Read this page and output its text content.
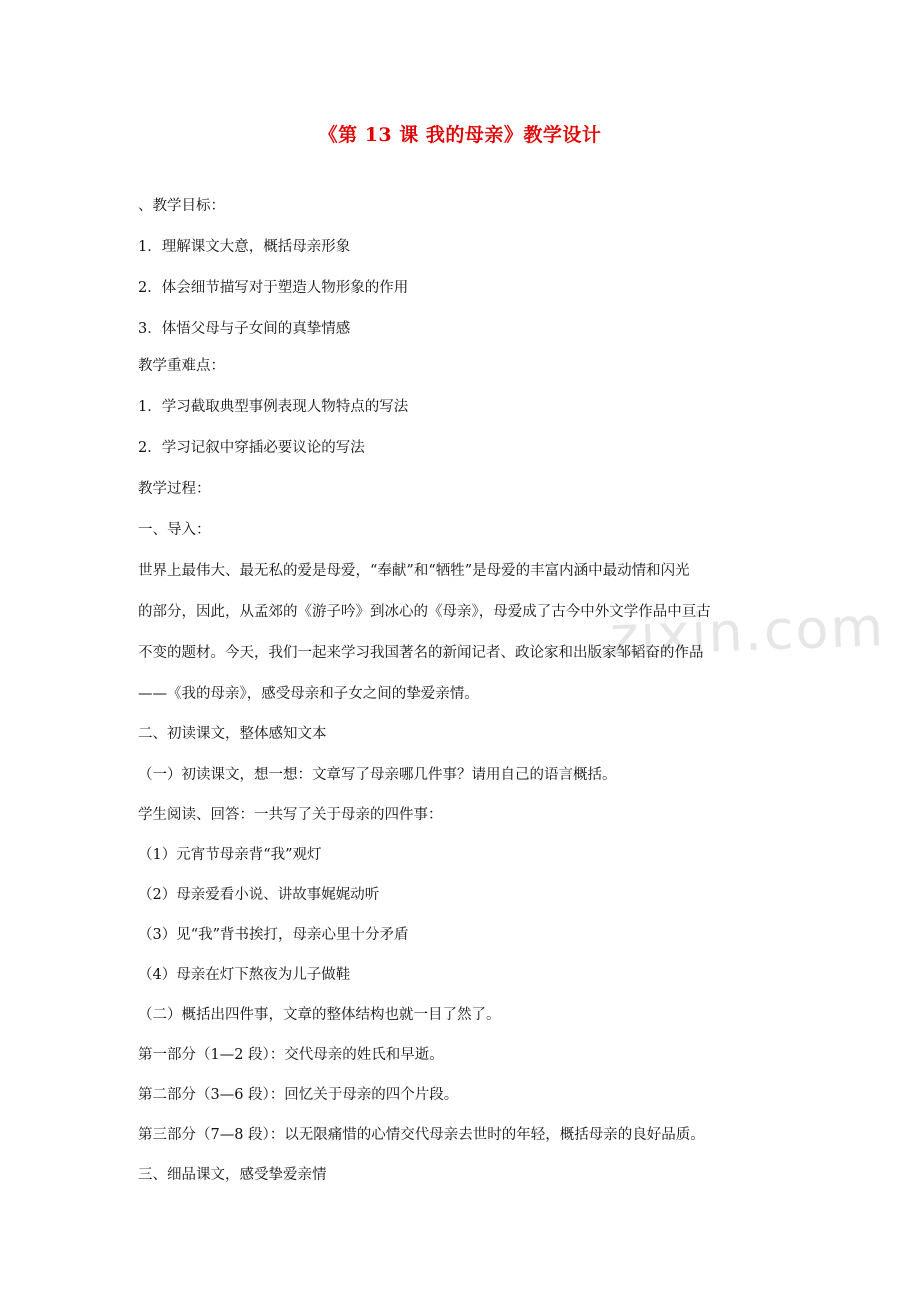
zixin.com
《第 13 课 我的母亲》教学设计
、教学目标：
1．理解课文大意，概括母亲形象
2．体会细节描写对于塑造人物形象的作用
3．体悟父母与子女间的真挚情感
教学重难点：
1．学习截取典型事例表现人物特点的写法
2．学习记叙中穿插必要议论的写法
教学过程：
一、导入：
世界上最伟大、最无私的爱是母爱，“奉献”和“牺牲”是母爱的丰富内涵中最动情和闪光
的部分，因此，从孟郊的《游子吟》到冰心的《母亲》，母爱成了古今中外文学作品中亘古
不变的题材。今天，我们一起来学习我国著名的新闻记者、政论家和出版家邹韬奋的作品
——《我的母亲》，感受母亲和子女之间的挚爱亲情。
二、初读课文，整体感知文本
（一）初读课文，想一想：文章写了母亲哪几件事？请用自己的语言概括。
学生阅读、回答：一共写了关于母亲的四件事：
（1）元宵节母亲背“我”观灯
（2）母亲爱看小说、讲故事娓娓动听
（3）见“我”背书挨打，母亲心里十分矛盾
（4）母亲在灯下熬夜为儿子做鞋
（二）概括出四件事，文章的整体结构也就一目了然了。
第一部分（1—2 段）：交代母亲的姓氏和早逝。
第二部分（3—6 段）：回忆关于母亲的四个片段。
第三部分（7—8 段）：以无限痛惜的心情交代母亲去世时的年轻，概括母亲的良好品质。
三、细品课文，感受挚爱亲情
